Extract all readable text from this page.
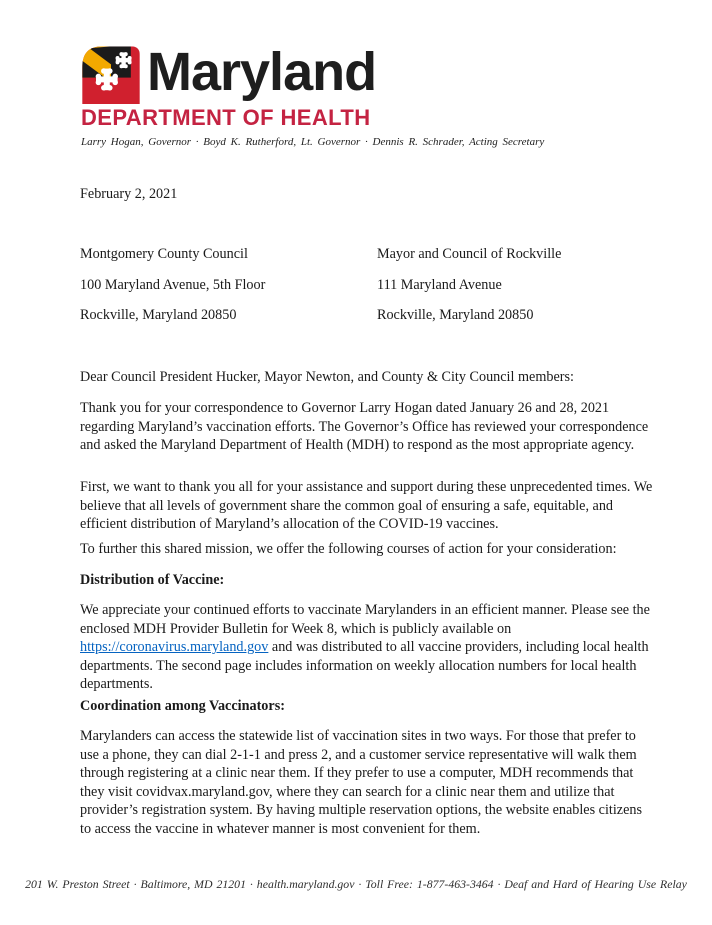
Maryland
DEPARTMENT OF HEALTH
Larry Hogan, Governor · Boyd K. Rutherford, Lt. Governor · Dennis R. Schrader, Acting Secretary
February 2, 2021
Montgomery County Council
100 Maryland Avenue, 5th Floor
Rockville, Maryland 20850
Mayor and Council of Rockville
111 Maryland Avenue
Rockville, Maryland 20850

Dear Council President Hucker, Mayor Newton, and County & City Council members:

Thank you for your correspondence to Governor Larry Hogan dated January 26 and 28, 2021 regarding Maryland’s vaccination efforts. The Governor’s Office has reviewed your correspondence and asked the Maryland Department of Health (MDH) to respond as the most appropriate agency.

First, we want to thank you all for your assistance and support during these unprecedented times. We believe that all levels of government share the common goal of ensuring a safe, equitable, and efficient distribution of Maryland’s allocation of the COVID-19 vaccines.

To further this shared mission, we offer the following courses of action for your consideration:

Distribution of Vaccine:

We appreciate your continued efforts to vaccinate Marylanders in an efficient manner. Please see the enclosed MDH Provider Bulletin for Week 8, which is publicly available on https://coronavirus.maryland.gov and was distributed to all vaccine providers, including local health departments. The second page includes information on weekly allocation numbers for local health departments.

Coordination among Vaccinators:

Marylanders can access the statewide list of vaccination sites in two ways. For those that prefer to use a phone, they can dial 2-1-1 and press 2, and a customer service representative will walk them through registering at a clinic near them. If they prefer to use a computer, MDH recommends that they visit covidvax.maryland.gov, where they can search for a clinic near them and utilize that provider’s registration system. By having multiple reservation options, the website enables citizens to access the vaccine in whatever manner is most convenient for them.

201 W. Preston Street · Baltimore, MD 21201 · health.maryland.gov · Toll Free: 1-877-463-3464 · Deaf and Hard of Hearing Use Relay
